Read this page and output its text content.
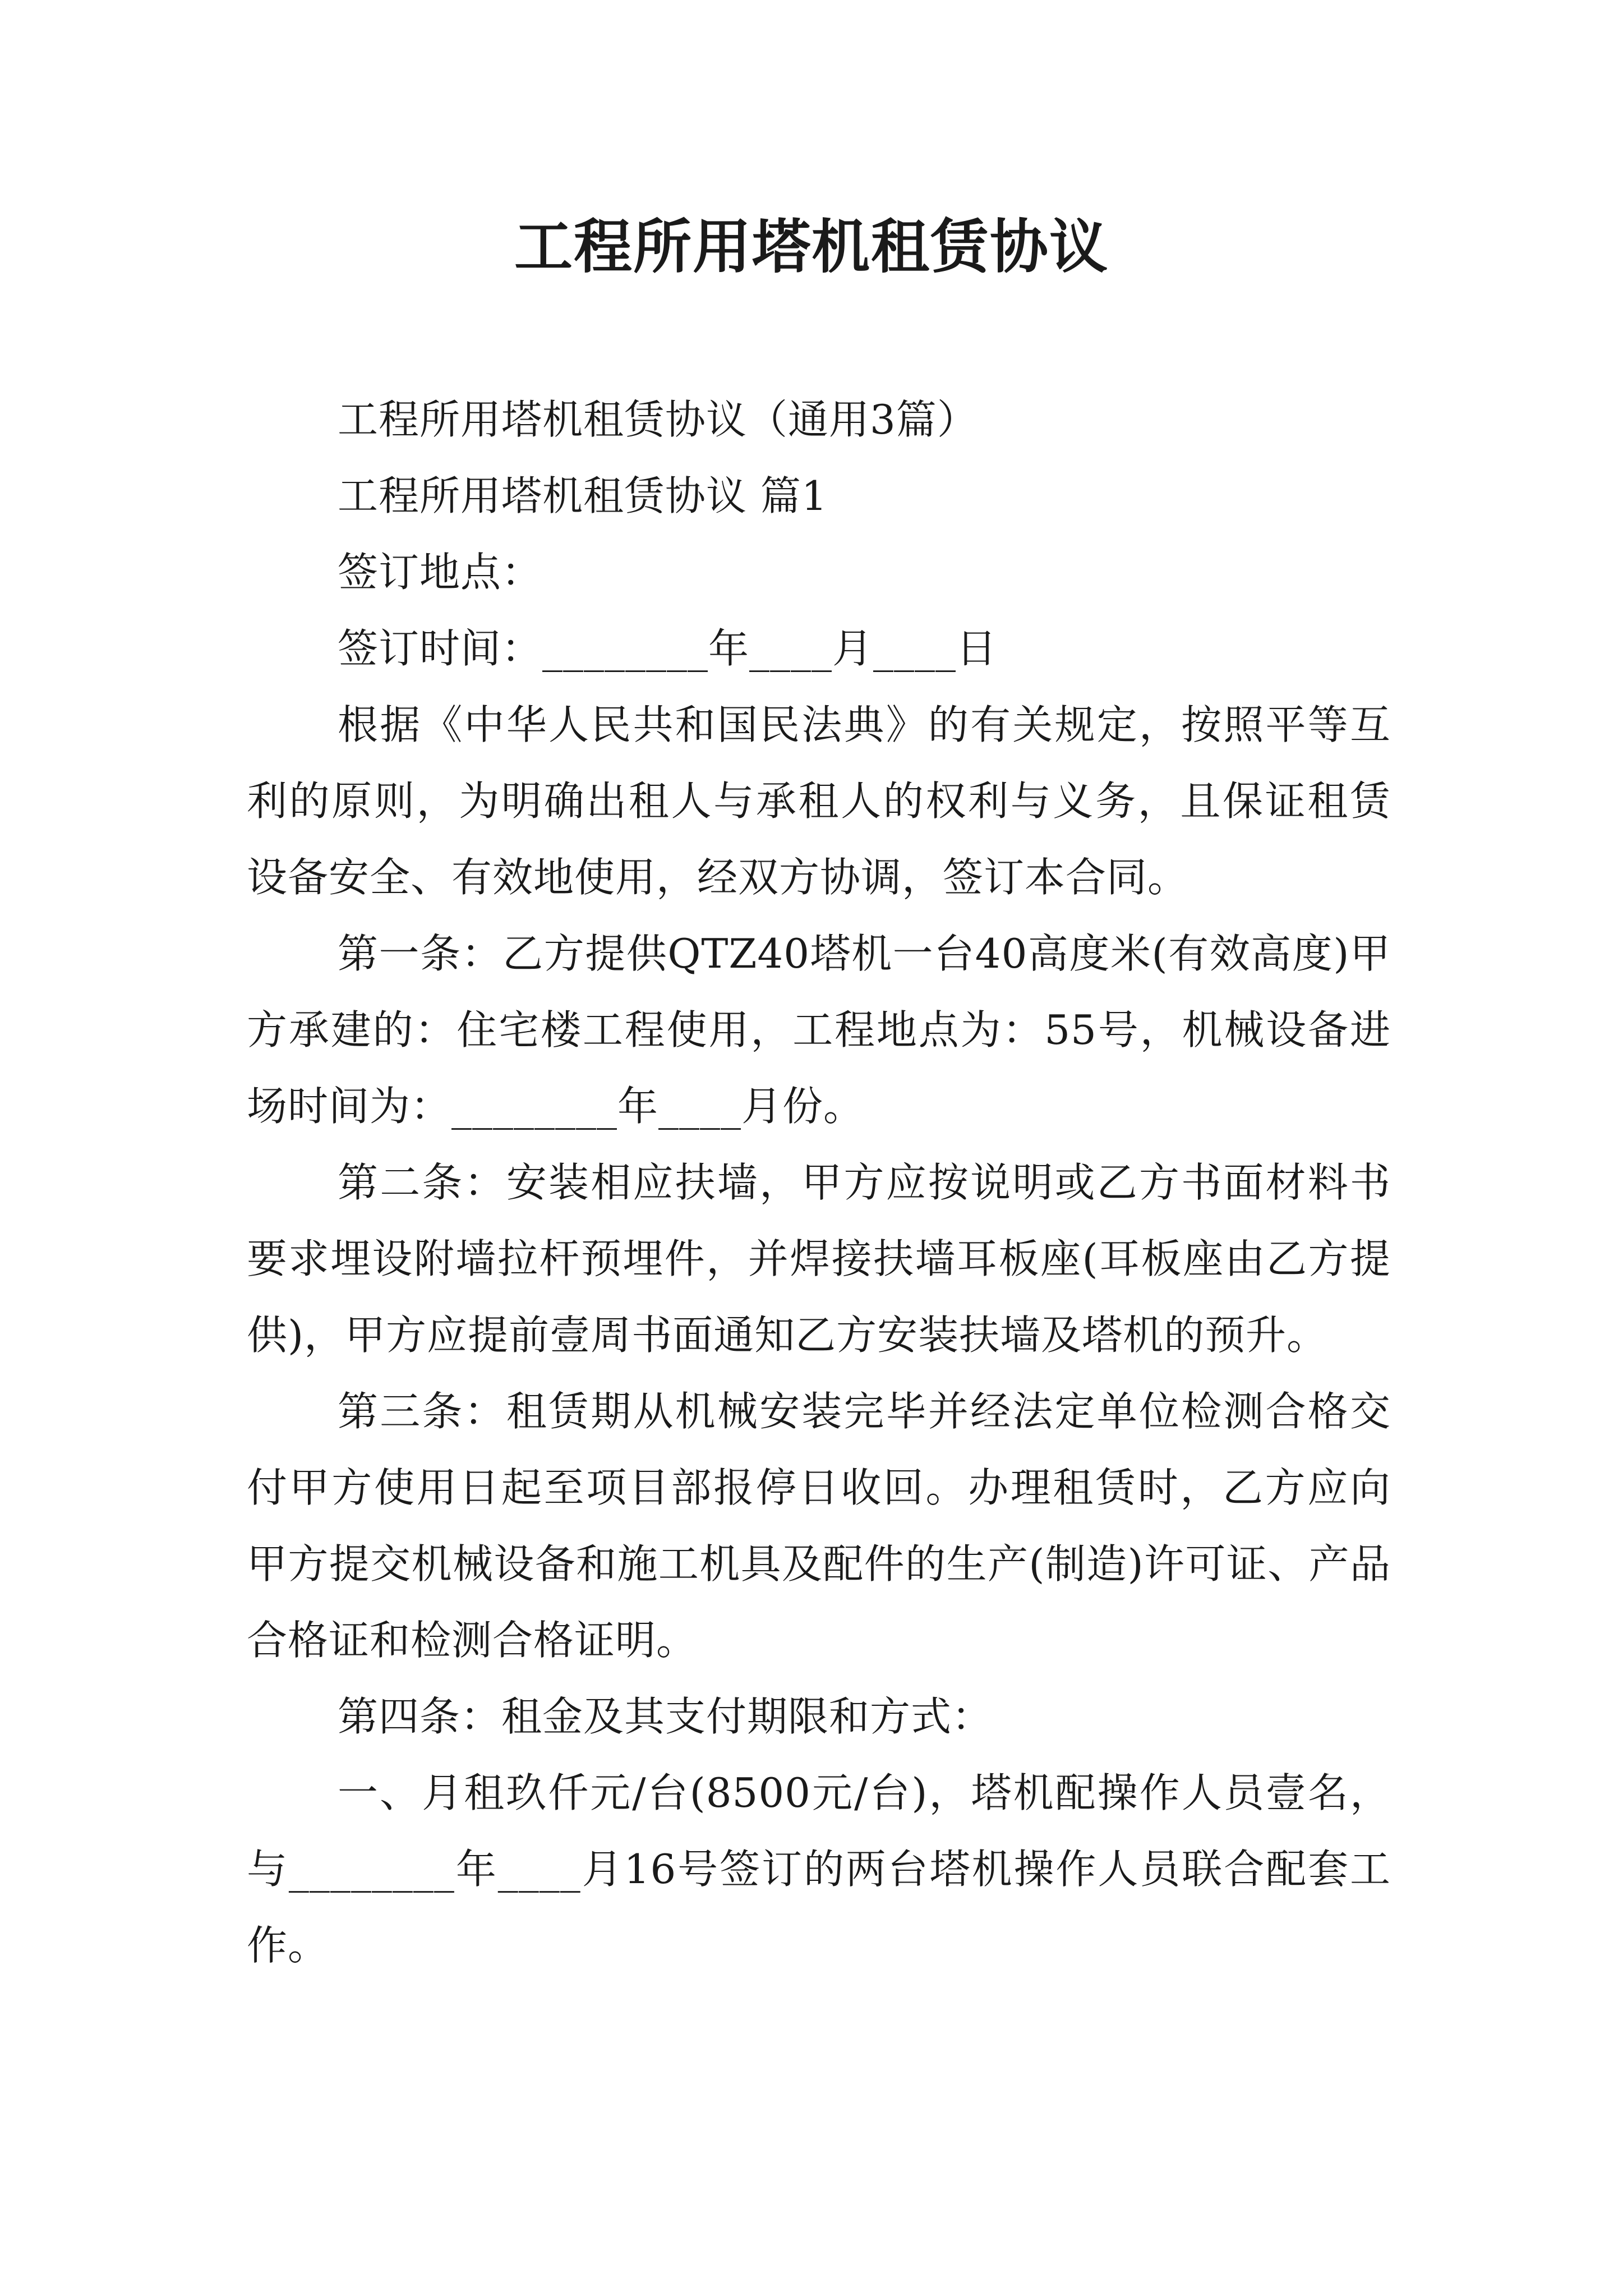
工程所用塔机租赁协议

工程所用塔机租赁协议（通用3篇）

工程所用塔机租赁协议 篇1

签订地点：

签订时间：________年____月____日

根据《中华人民共和国民法典》的有关规定，按照平等互利的原则，为明确出租人与承租人的权利与义务，且保证租赁设备安全、有效地使用，经双方协调，签订本合同。

第一条：乙方提供QTZ40塔机一台40高度米(有效高度)甲方承建的：住宅楼工程使用，工程地点为：55号，机械设备进场时间为：________年____月份。

第二条：安装相应扶墙，甲方应按说明或乙方书面材料书要求埋设附墙拉杆预埋件，并焊接扶墙耳板座(耳板座由乙方提供)，甲方应提前壹周书面通知乙方安装扶墙及塔机的预升。

第三条：租赁期从机械安装完毕并经法定单位检测合格交付甲方使用日起至项目部报停日收回。办理租赁时，乙方应向甲方提交机械设备和施工机具及配件的生产(制造)许可证、产品合格证和检测合格证明。

第四条：租金及其支付期限和方式：

一、月租玖仟元/台(8500元/台)，塔机配操作人员壹名，与________年____月16号签订的两台塔机操作人员联合配套工作。
